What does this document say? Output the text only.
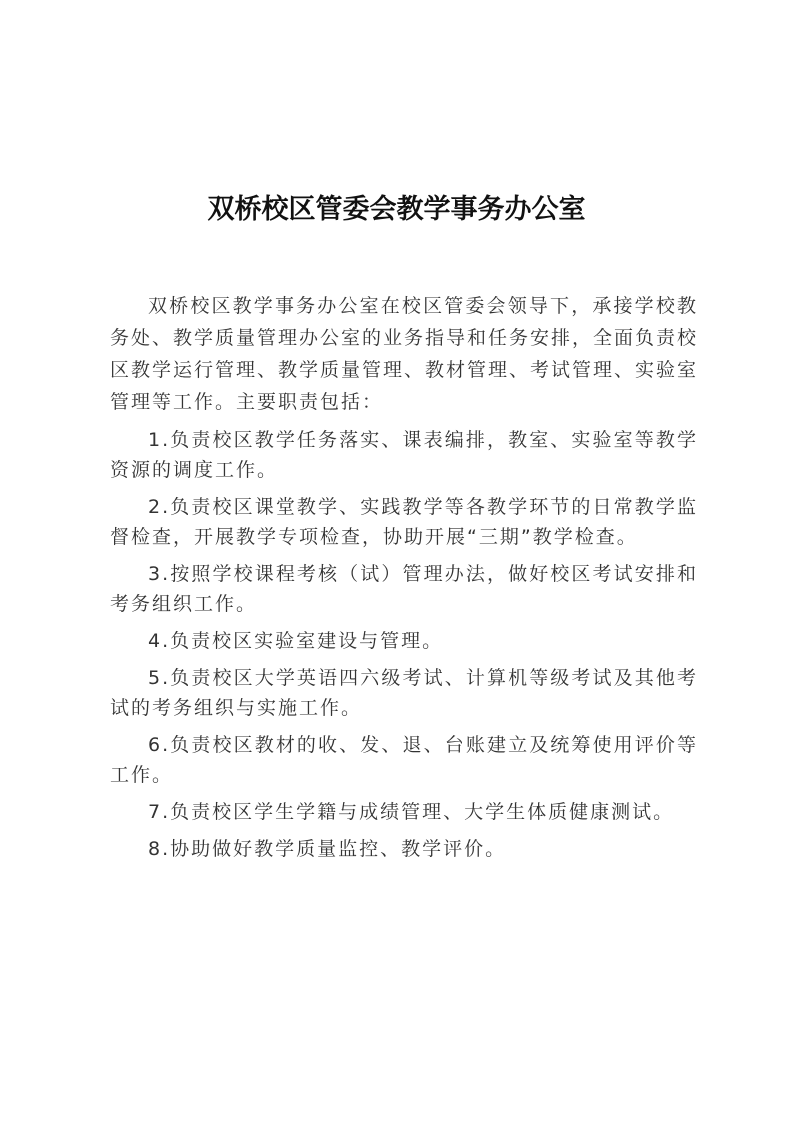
双桥校区管委会教学事务办公室

双桥校区教学事务办公室在校区管委会领导下，承接学校教务处、教学质量管理办公室的业务指导和任务安排，全面负责校区教学运行管理、教学质量管理、教材管理、考试管理、实验室管理等工作。主要职责包括：

1.负责校区教学任务落实、课表编排，教室、实验室等教学资源的调度工作。

2.负责校区课堂教学、实践教学等各教学环节的日常教学监督检查，开展教学专项检查，协助开展“三期”教学检查。

3.按照学校课程考核（试）管理办法，做好校区考试安排和考务组织工作。

4.负责校区实验室建设与管理。

5.负责校区大学英语四六级考试、计算机等级考试及其他考试的考务组织与实施工作。

6.负责校区教材的收、发、退、台账建立及统筹使用评价等工作。

7.负责校区学生学籍与成绩管理、大学生体质健康测试。

8.协助做好教学质量监控、教学评价。
